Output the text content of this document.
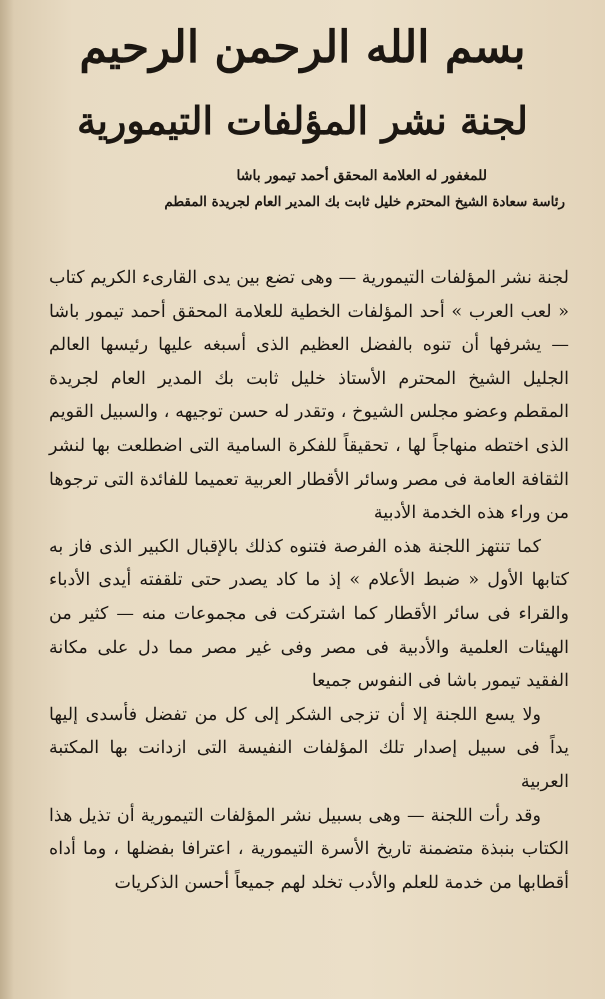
بسم الله الرحمن الرحيم
لجنة نشر المؤلفات التيمورية
للمغفور له العلامة المحقق أحمد تيمور باشا
رئاسة سعادة الشيخ المحترم خليل ثابت بك المدير العام لجريدة المقطم

لجنة نشر المؤلفات التيمورية — وهى تضع بين يدى القارىء الكريم كتاب « لعب العرب » أحد المؤلفات الخطية للعلامة المحقق أحمد تيمور باشا — يشرفها أن تنوه بالفضل العظيم الذى أسبغه عليها رئيسها العالم الجليل الشيخ المحترم الأستاذ خليل ثابت بك المدير العام لجريدة المقطم وعضو مجلس الشيوخ ، وتقدر له حسن توجيهه ، والسبيل القويم الذى اختطه منهاجاً لها ، تحقيقاً للفكرة السامية التى اضطلعت بها لنشر الثقافة العامة فى مصر وسائر الأقطار العربية تعميما للفائدة التى ترجوها من وراء هذه الخدمة الأدبية

كما تنتهز اللجنة هذه الفرصة فتنوه كذلك بالإقبال الكبير الذى فاز به كتابها الأول « ضبط الأعلام » إذ ما كاد يصدر حتى تلقفته أيدى الأدباء والقراء فى سائر الأقطار كما اشتركت فى مجموعات منه — كثير من الهيئات العلمية والأدبية فى مصر وفى غير مصر مما دل على مكانة الفقيد تيمور باشا فى النفوس جميعا

ولا يسع اللجنة إلا أن تزجى الشكر إلى كل من تفضل فأسدى إليها يداً فى سبيل إصدار تلك المؤلفات النفيسة التى ازدانت بها المكتبة العربية

وقد رأت اللجنة — وهى بسبيل نشر المؤلفات التيمورية أن تذيل هذا الكتاب بنبذة متضمنة تاريخ الأسرة التيمورية ، اعترافا بفضلها ، وما أداه أقطابها من خدمة للعلم والأدب تخلد لهم جميعاً أحسن الذكريات
